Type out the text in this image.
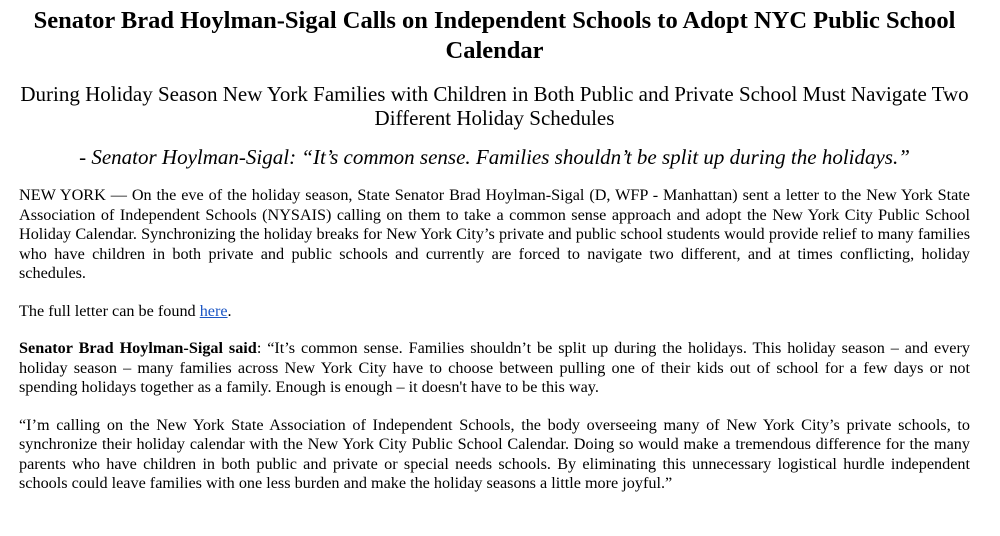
Senator Brad Hoylman-Sigal Calls on Independent Schools to Adopt NYC Public School Calendar
During Holiday Season New York Families with Children in Both Public and Private School Must Navigate Two Different Holiday Schedules
- Senator Hoylman-Sigal: “It’s common sense. Families shouldn’t be split up during the holidays.”

NEW YORK — On the eve of the holiday season, State Senator Brad Hoylman-Sigal (D, WFP - Manhattan) sent a letter to the New York State Association of Independent Schools (NYSAIS) calling on them to take a common sense approach and adopt the New York City Public School Holiday Calendar. Synchronizing the holiday breaks for New York City’s private and public school students would provide relief to many families who have children in both private and public schools and currently are forced to navigate two different, and at times conflicting, holiday schedules.

The full letter can be found here.

Senator Brad Hoylman-Sigal said: “It’s common sense. Families shouldn’t be split up during the holidays. This holiday season – and every holiday season – many families across New York City have to choose between pulling one of their kids out of school for a few days or not spending holidays together as a family. Enough is enough – it doesn't have to be this way.

“I’m calling on the New York State Association of Independent Schools, the body overseeing many of New York City’s private schools, to synchronize their holiday calendar with the New York City Public School Calendar. Doing so would make a tremendous difference for the many parents who have children in both public and private or special needs schools. By eliminating this unnecessary logistical hurdle independent schools could leave families with one less burden and make the holiday seasons a little more joyful.”
